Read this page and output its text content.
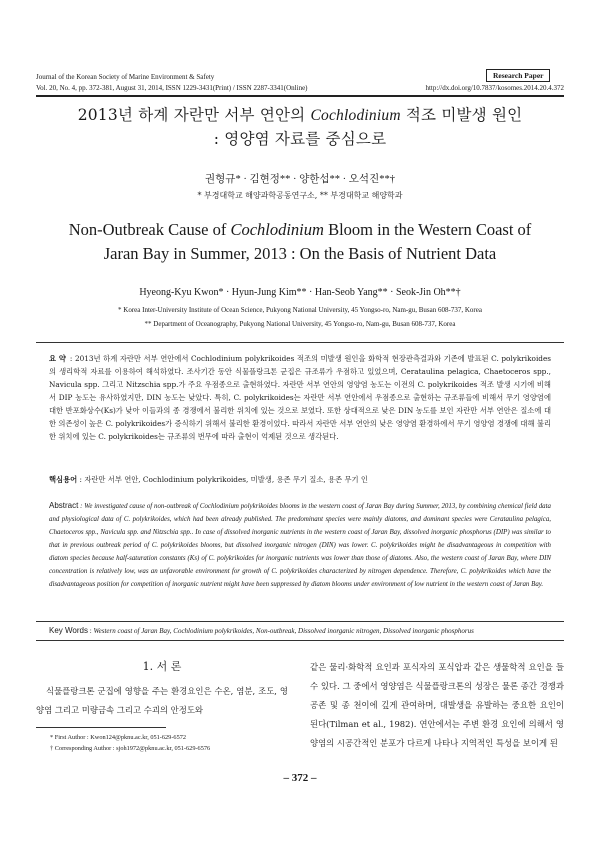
Journal of the Korean Society of Marine Environment & Safety	Research Paper
Vol. 20, No. 4, pp. 372-381, August 31, 2014, ISSN 1229-3431(Print) / ISSN 2287-3341(Online)	http://dx.doi.org/10.7837/kosomes.2014.20.4.372
2013년 하계 자란만 서부 연안의 Cochlodinium 적조 미발생 원인
: 영양염 자료를 중심으로
권형규* · 김현정** · 양한섭** · 오석진**†
* 부경대학교 해양과학공동연구소, ** 부경대학교 해양학과
Non-Outbreak Cause of Cochlodinium Bloom in the Western Coast of
Jaran Bay in Summer, 2013 : On the Basis of Nutrient Data
Hyeong-Kyu Kwon* · Hyun-Jung Kim** · Han-Seob Yang** · Seok-Jin Oh**†
* Korea Inter-University Institute of Ocean Science, Pukyong National University, 45 Yongso-ro, Nam-gu, Busan 608-737, Korea
** Department of Oceanography, Pukyong National University, 45 Yongso-ro, Nam-gu, Busan 608-737, Korea
요 약 : 2013년 하계 자란만 서부 연안에서 Cochlodinium polykrikoides 적조의 미발생 원인을 화학적 현장관측결과와 기존에 발표된 C. polykrikoides의 생리학적 자료를 이용하여 해석하였다. 조사기간 동안 식물플랑크톤 군집은 규조류가 우점하고 있었으며, Cerataulina pelagica, Chaetoceros spp., Navicula spp. 그리고 Nitzschia spp.가 주요 우점종으로 출현하였다. 자란만 서부 연안의 영양염 농도는 이전의 C. polykrikoides 적조 발생 시기에 비해서 DIP 농도는 유사하였지만, DIN 농도는 낮았다. 특히, C. polykrikoides는 자란만 서부 연안에서 우점종으로 출현하는 규조류들에 비해서 무기 영양염에 대한 반포화상수(Ks)가 낮아 이들과의 종 경쟁에서 불리한 위치에 있는 것으로 보였다. 또한 상대적으로 낮은 DIN 농도를 보인 자란만 서부 연안은 질소에 대한 의존성이 높은 C. polykrikoides가 증식하기 위해서 불리한 환경이었다. 따라서 자란만 서부 연안의 낮은 영양염 환경하에서 무기 영양염 경쟁에 대해 불리한 위치에 있는 C. polykrikoides는 규조류의 번무에 따라 출현이 억제된 것으로 생각된다.
핵심용어 : 자란만 서부 연안, Cochlodinium polykrikoides, 미발생, 용존 무기 질소, 용존 무기 인
Abstract : We investigated cause of non-outbreak of Cochlodinium polykrikoides blooms in the western coast of Jaran Bay during Summer, 2013, by combining chemical field data and physiological data of C. polykrikoides, which had been already published. The predominant species were mainly diatoms, and dominant species were Cerataulina pelagica, Chaetoceros spp., Navicula spp. and Nitzschia spp.. In case of dissolved inorganic nutrients in the western coast of Jaran Bay, dissolved inorganic phosphorus (DIP) was similar to that in previous outbreak period of C. polykrikoides blooms, but dissolved inorganic nitrogen (DIN) was lower. C. polykrikoides might be disadvantageous in competition with diatom species because half-saturation constants (Ks) of C. polykrikoides for inorganic nutrients was lower than those of diatoms. Also, the western coast of Jaran Bay, where DIN concentration is relatively low, was an unfavorable environment for growth of C. polykrikoides characterized by nitrogen dependence. Therefore, C. polykrikoides which have the disadvantageous position for competition of inorganic nutrient might have been suppressed by diatom blooms under environment of low nutrient in the western coast of Jaran Bay.
Key Words : Western coast of Jaran Bay, Cochlodinium polykrikoides, Non-outbreak, Dissolved inorganic nitrogen, Dissolved inorganic phosphorus
1. 서 론
식물플랑크톤 군집에 영향을 주는 환경요인은 수온, 염분, 조도, 영양염 그리고 미량금속 그리고 수괴의 안정도와
* First Author : Kwon124@pknu.ac.kr, 051-629-6572
† Corresponding Author : sjoh1972@pknu.ac.kr, 051-629-6576
같은 물리·화학적 요인과 포식자의 포식압과 같은 생물학적 요인을 들 수 있다. 그 중에서 영양염은 식물플랑크톤의 성장은 물론 종간 경쟁과 공존 및 종 천이에 깊게 관여하며, 대발생을 유발하는 중요한 요인이 된다(Tilman et al., 1982). 연안에서는 주변 환경 요인에 의해서 영양염의 시공간적인 분포가 다르게 나타나 지역적인 특성을 보이게 된
– 372 –
